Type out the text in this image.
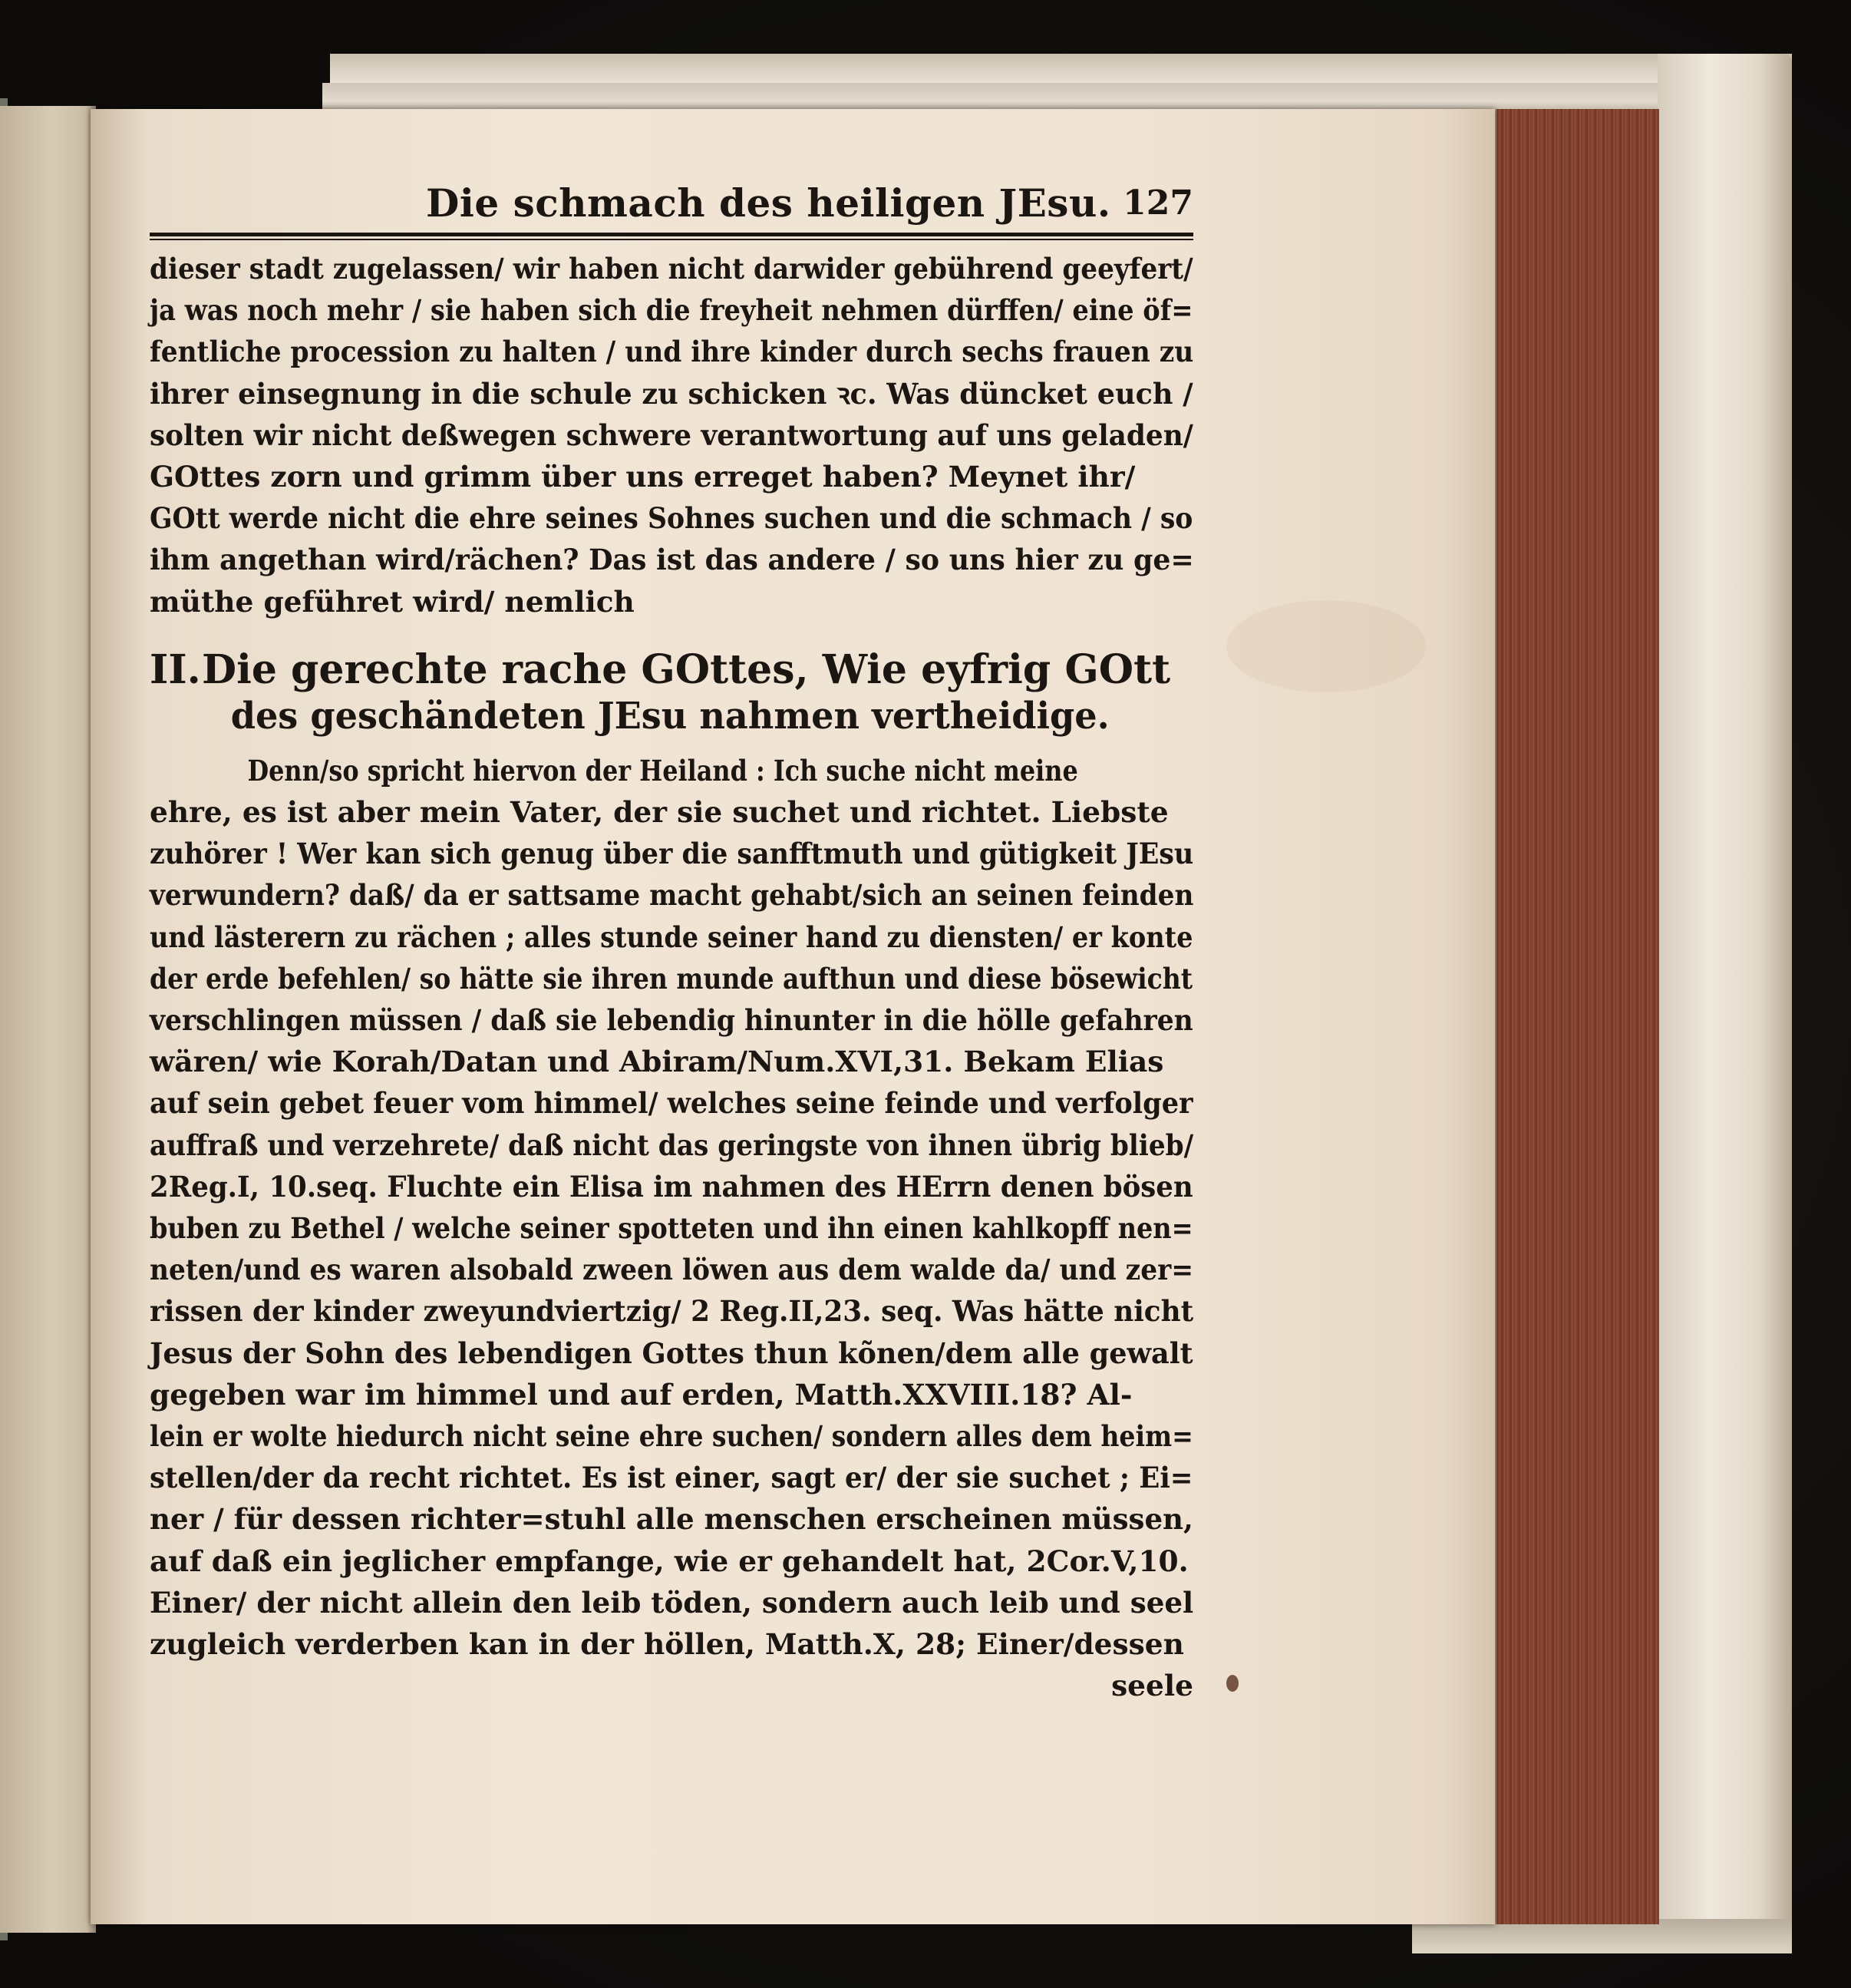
Die schmach des heiligen JEsu. 127
dieser stadt zugelassen/ wir haben nicht darwider gebührend geeyfert/
ja was noch mehr / sie haben sich die freyheit nehmen dürffen/ eine öf=
fentliche procession zu halten / und ihre kinder durch sechs frauen zu
ihrer einsegnung in die schule zu schicken ꝛc. Was düncket euch /
solten wir nicht deßwegen schwere verantwortung auf uns geladen/
GOttes zorn und grimm über uns erreget haben? Meynet ihr/
GOtt werde nicht die ehre seines Sohnes suchen und die schmach / so
ihm angethan wird/rächen? Das ist das andere / so uns hier zu ge=
müthe geführet wird/ nemlich
II.Die gerechte rache GOttes, Wie eyfrig GOtt
des geschändeten JEsu nahmen vertheidige.
Denn/so spricht hiervon der Heiland : Ich suche nicht meine
ehre, es ist aber mein Vater, der sie suchet und richtet. Liebste
zuhörer ! Wer kan sich genug über die sanfftmuth und gütigkeit JEsu
verwundern? daß/ da er sattsame macht gehabt/sich an seinen feinden
und lästerern zu rächen ; alles stunde seiner hand zu diensten/ er konte
der erde befehlen/ so hätte sie ihren munde aufthun und diese bösewicht
verschlingen müssen / daß sie lebendig hinunter in die hölle gefahren
wären/ wie Korah/Datan und Abiram/Num.XVI,31. Bekam Elias
auf sein gebet feuer vom himmel/ welches seine feinde und verfolger
auffraß und verzehrete/ daß nicht das geringste von ihnen übrig blieb/
2Reg.I, 10.seq. Fluchte ein Elisa im nahmen des HErrn denen bösen
buben zu Bethel / welche seiner spotteten und ihn einen kahlkopff nen=
neten/und es waren alsobald zween löwen aus dem walde da/ und zer=
rissen der kinder zweyundviertzig/ 2 Reg.II,23. seq. Was hätte nicht
Jesus der Sohn des lebendigen Gottes thun kõnen/dem alle gewalt
gegeben war im himmel und auf erden, Matth.XXVIII.18? Al-
lein er wolte hiedurch nicht seine ehre suchen/ sondern alles dem heim=
stellen/der da recht richtet. Es ist einer, sagt er/ der sie suchet ; Ei=
ner / für dessen richter=stuhl alle menschen erscheinen müssen,
auf daß ein jeglicher empfange, wie er gehandelt hat, 2Cor.V,10.
Einer/ der nicht allein den leib töden, sondern auch leib und seel
zugleich verderben kan in der höllen, Matth.X, 28; Einer/dessen
seele
